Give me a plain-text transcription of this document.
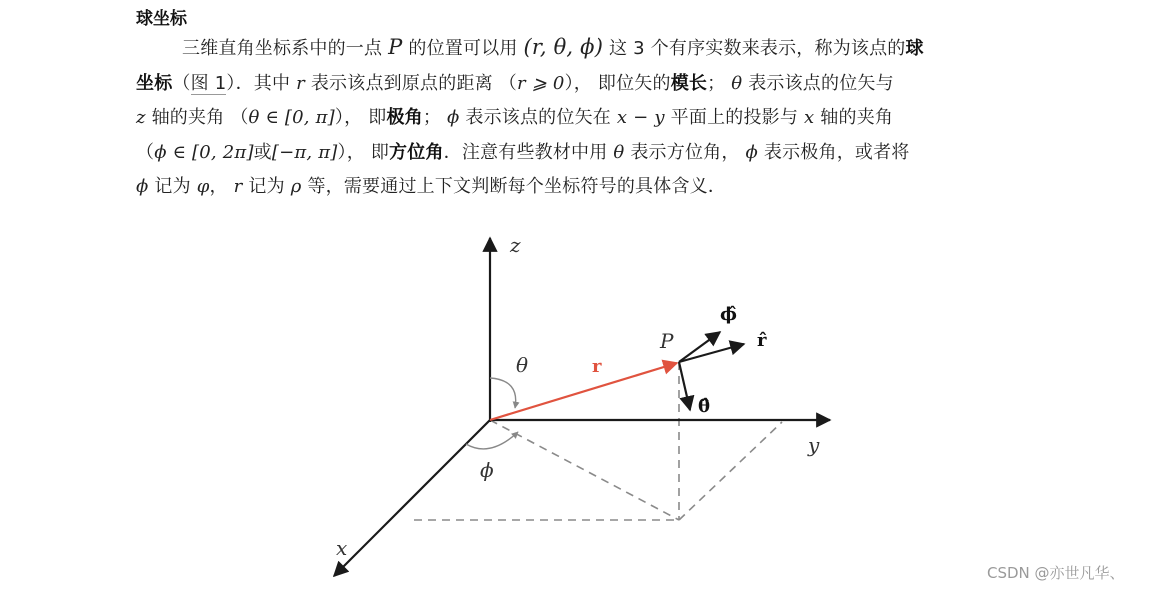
球坐标
三维直角坐标系中的一点 P 的位置可以用 (r, θ, ϕ) 这 3 个有序实数来表示，称为该点的球
坐标（图 1）．其中 r 表示该点到原点的距离 （r ⩾ 0）， 即位矢的模长； θ 表示该点的位矢与
z 轴的夹角 （θ ∈ [0, π]）， 即极角； ϕ 表示该点的位矢在 x − y 平面上的投影与 x 轴的夹角
（ϕ ∈ [0, 2π]或[−π, π]）， 即方位角．注意有些教材中用 θ 表示方位角， ϕ 表示极角，或者将
ϕ 记为 φ， r 记为 ρ 等，需要通过上下文判断每个坐标符号的具体含义．
z
y
x
θ
ϕ
P
r
ϕ̂
r̂
θ̂
CSDN @亦世凡华、
